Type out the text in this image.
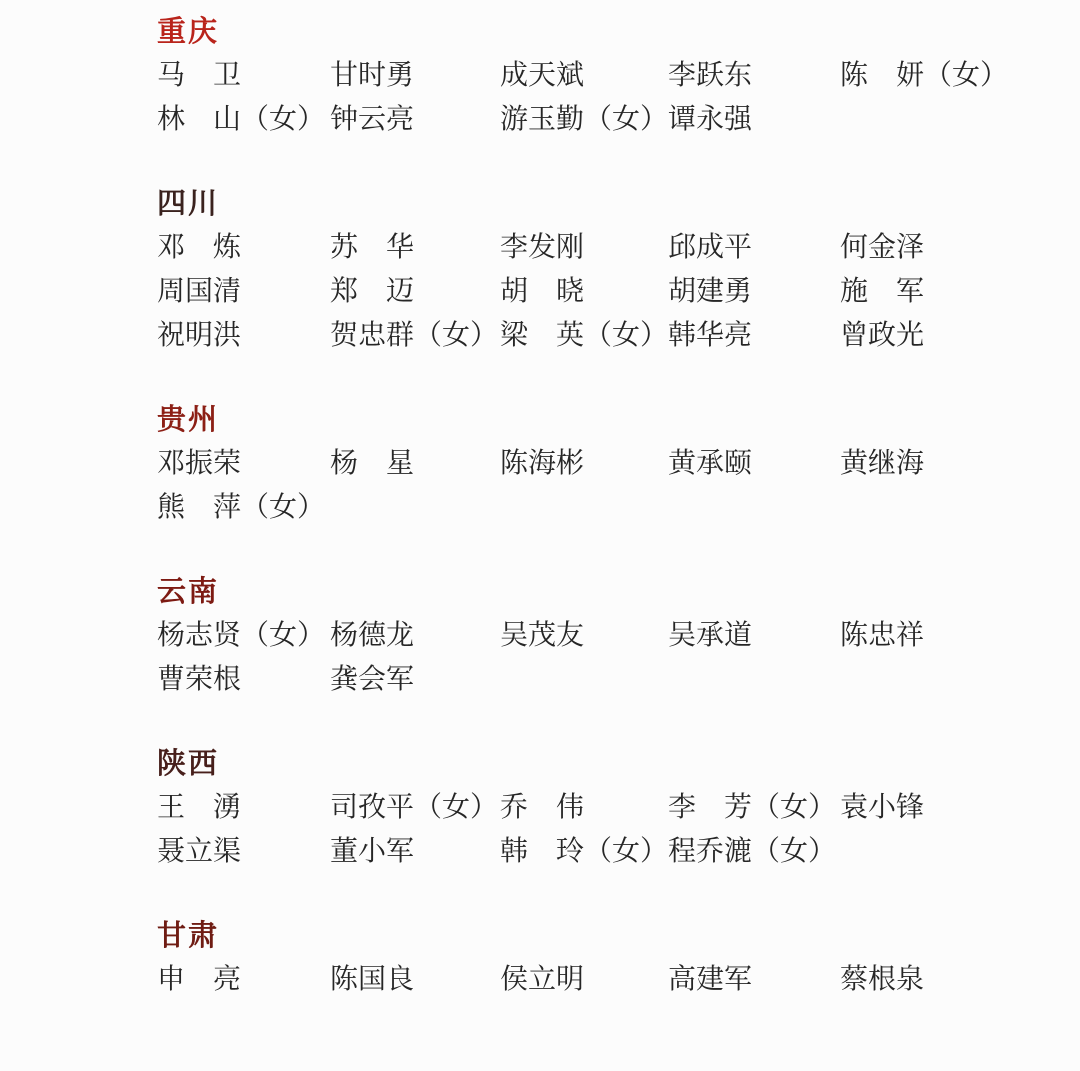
重庆
马　卫	甘时勇	成天斌	李跃东	陈　妍（女）
林　山（女） 钟云亮	游玉勤（女） 谭永强
四川
邓　炼	苏　华	李发刚	邱成平	何金泽
周国清	郑　迈	胡　晓	胡建勇	施　军
祝明洪	贺忠群（女） 梁　英（女） 韩华亮	曾政光
贵州
邓振荣	杨　星	陈海彬	黄承颐	黄继海
熊　萍（女）
云南
杨志贤（女） 杨德龙	吴茂友	吴承道	陈忠祥
曹荣根	龚会军
陕西
王　湧	司孜平（女） 乔　伟	李　芳（女） 袁小锋
聂立渠	董小军	韩　玲（女） 程乔漉（女）
甘肃
申　亮	陈国良	侯立明	高建军	蔡根泉
